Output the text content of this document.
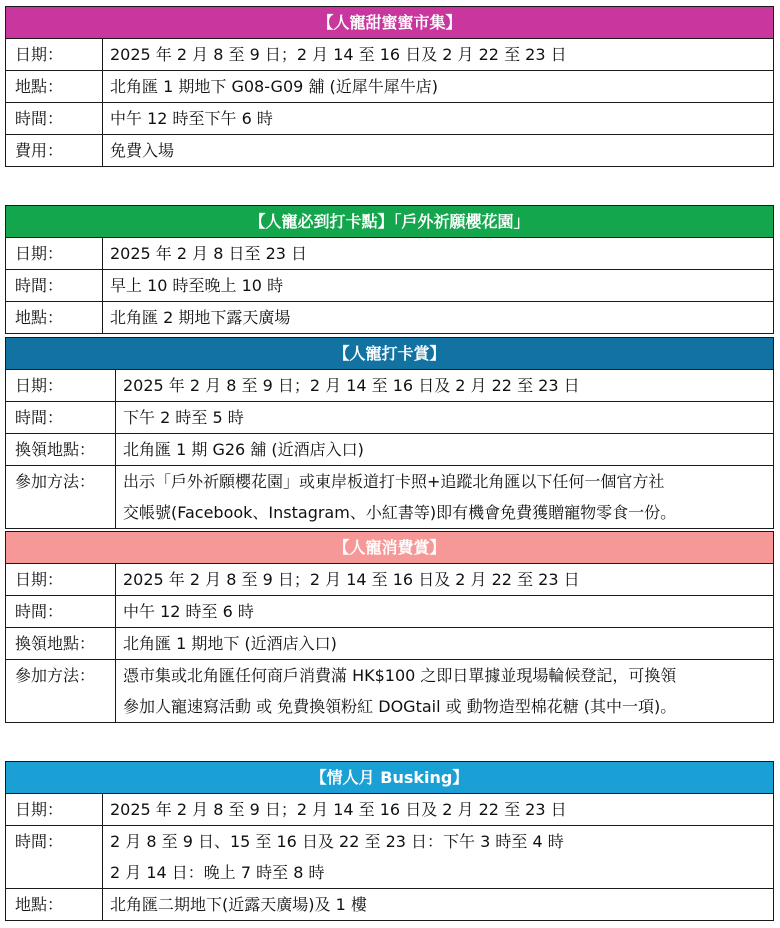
【人寵甜蜜蜜市集】	
日期：	2025 年 2 月 8 至 9 日；2 月 14 至 16 日及 2 月 22 至 23 日
地點：	北角匯 1 期地下 G08-G09 舖 (近犀牛犀牛店)
時間：	中午 12 時至下午 6 時
費用：	免費入場
【人寵必到打卡點】「戶外祈願櫻花園」	
日期：	2025 年 2 月 8 日至 23 日
時間：	早上 10 時至晚上 10 時
地點：	北角匯 2 期地下露天廣場
【人寵打卡賞】	
日期：	2025 年 2 月 8 至 9 日；2 月 14 至 16 日及 2 月 22 至 23 日
時間：	下午 2 時至 5 時
換領地點：	北角匯 1 期 G26 舖 (近酒店入口)
參加方法：	出示「戶外祈願櫻花園」或東岸板道打卡照+追蹤北角匯以下任何一個官方社
交帳號(Facebook、Instagram、小紅書等)即有機會免費獲贈寵物零食一份。
【人寵消費賞】	
日期：	2025 年 2 月 8 至 9 日；2 月 14 至 16 日及 2 月 22 至 23 日
時間：	中午 12 時至 6 時
換領地點：	北角匯 1 期地下 (近酒店入口)
參加方法：	憑市集或北角匯任何商戶消費滿 HK$100 之即日單據並現場輪候登記，可換領
參加人寵速寫活動 或 免費換領粉紅 DOGtail 或 動物造型棉花糖 (其中一項)。
【情人月 Busking】	
日期：	2025 年 2 月 8 至 9 日；2 月 14 至 16 日及 2 月 22 至 23 日
時間：	2 月 8 至 9 日、15 至 16 日及 22 至 23 日：下午 3 時至 4 時
2 月 14 日：晚上 7 時至 8 時

地點：	北角匯二期地下(近露天廣場)及 1 樓
